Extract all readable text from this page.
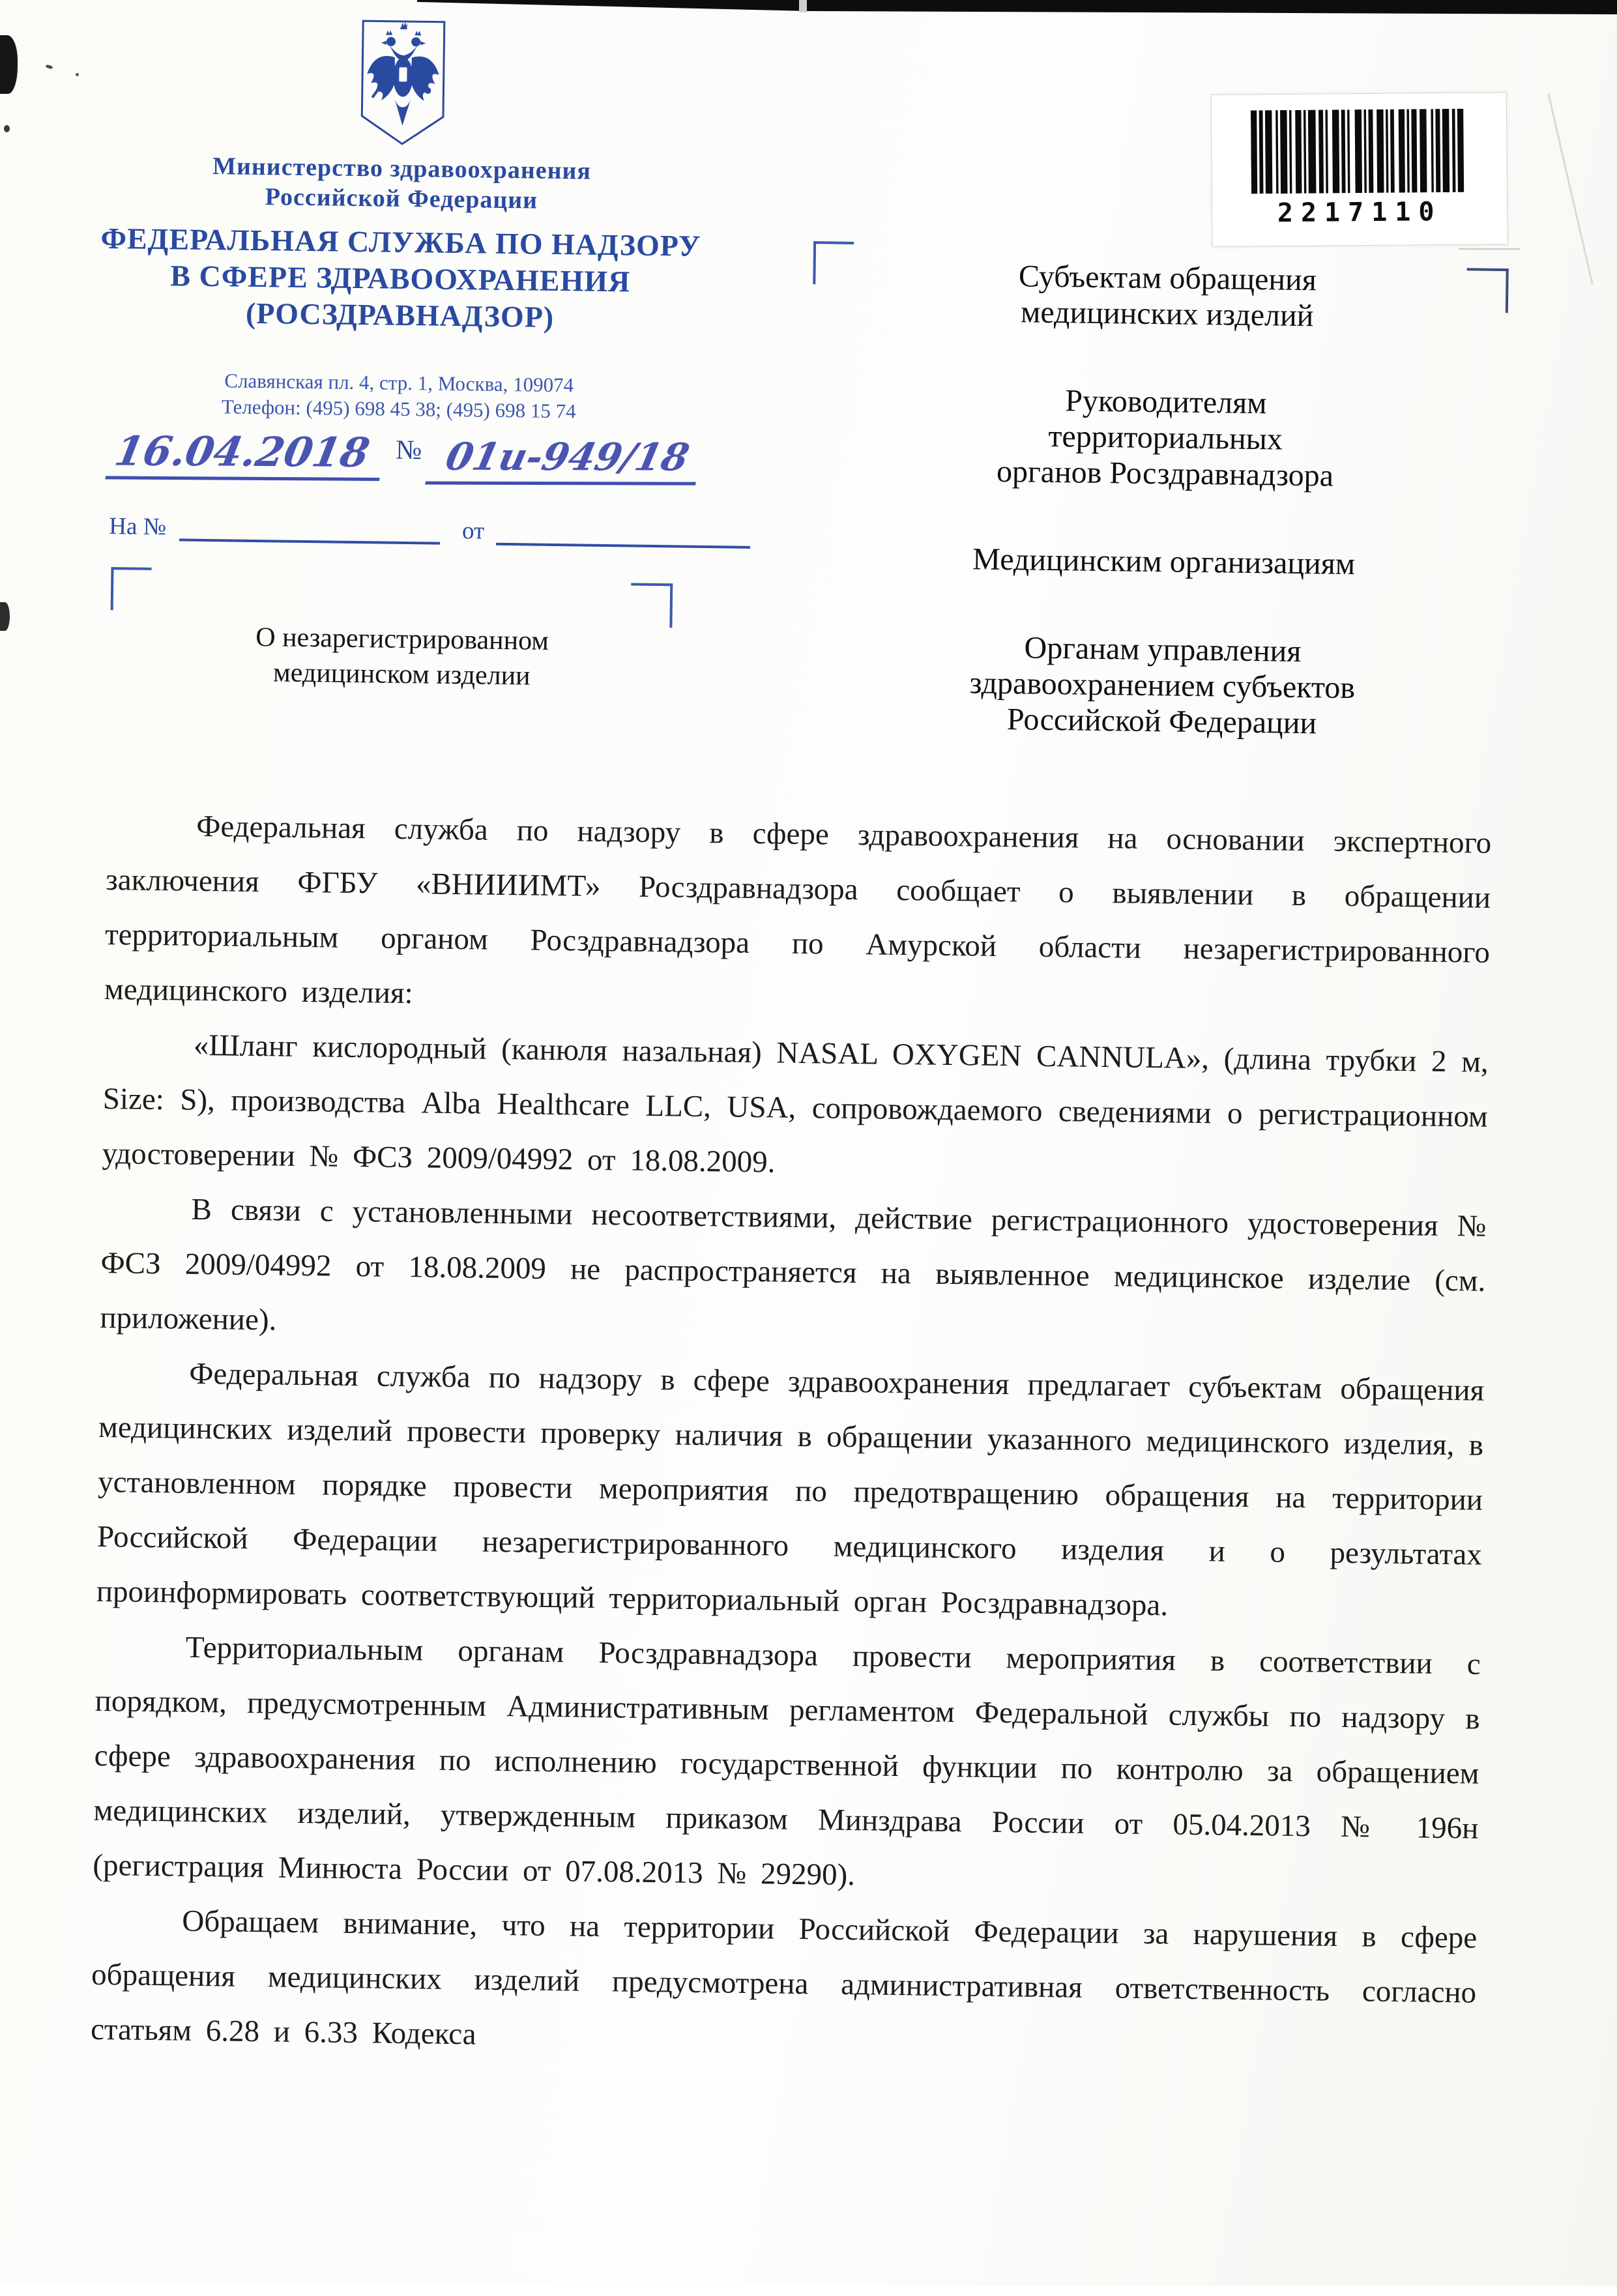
Министерство здравоохранения
Российской Федерации
ФЕДЕРАЛЬНАЯ СЛУЖБА ПО НАДЗОРУ
В СФЕРЕ ЗДРАВООХРАНЕНИЯ
(РОСЗДРАВНАДЗОР)
Славянская пл. 4, стр. 1, Москва, 109074
Телефон: (495) 698 45 38; (495) 698 15 74
16.04.2018 № 01и-949/18
На №	от
О незарегистрированном
медицинском изделии
2217110
Субъектам обращения
медицинских изделий
Руководителям
территориальных
органов Росздравнадзора
Медицинским организациям
Органам управления
здравоохранением субъектов
Российской Федерации

Федеральная служба по надзору в сфере здравоохранения на основании экспертного заключения ФГБУ «ВНИИИМТ» Росздравнадзора сообщает о выявлении в обращении территориальным органом Росздравнадзора по Амурской области незарегистрированного медицинского изделия:

«Шланг кислородный (канюля назальная) NASAL OXYGEN CANNULA», (длина трубки 2 м, Size: S), производства Alba Healthcare LLC, USA, сопровождаемого сведениями о регистрационном удостоверении № ФСЗ 2009/04992 от 18.08.2009.

В связи с установленными несоответствиями, действие регистрационного удостоверения № ФСЗ 2009/04992 от 18.08.2009 не распространяется на выявленное медицинское изделие (см. приложение).

Федеральная служба по надзору в сфере здравоохранения предлагает субъектам обращения медицинских изделий провести проверку наличия в обращении указанного медицинского изделия, в установленном порядке провести мероприятия по предотвращению обращения на территории Российской Федерации незарегистрированного медицинского изделия и о результатах проинформировать соответствующий территориальный орган Росздравнадзора.

Территориальным органам Росздравнадзора провести мероприятия в соответствии с порядком, предусмотренным Административным регламентом Федеральной службы по надзору в сфере здравоохранения по исполнению государственной функции по контролю за обращением медицинских изделий, утвержденным приказом Минздрава России от 05.04.2013 № 196н (регистрация Минюста России от 07.08.2013 № 29290).

Обращаем внимание, что на территории Российской Федерации за нарушения в сфере обращения медицинских изделий предусмотрена административная ответственность согласно статьям 6.28 и 6.33 Кодекса
